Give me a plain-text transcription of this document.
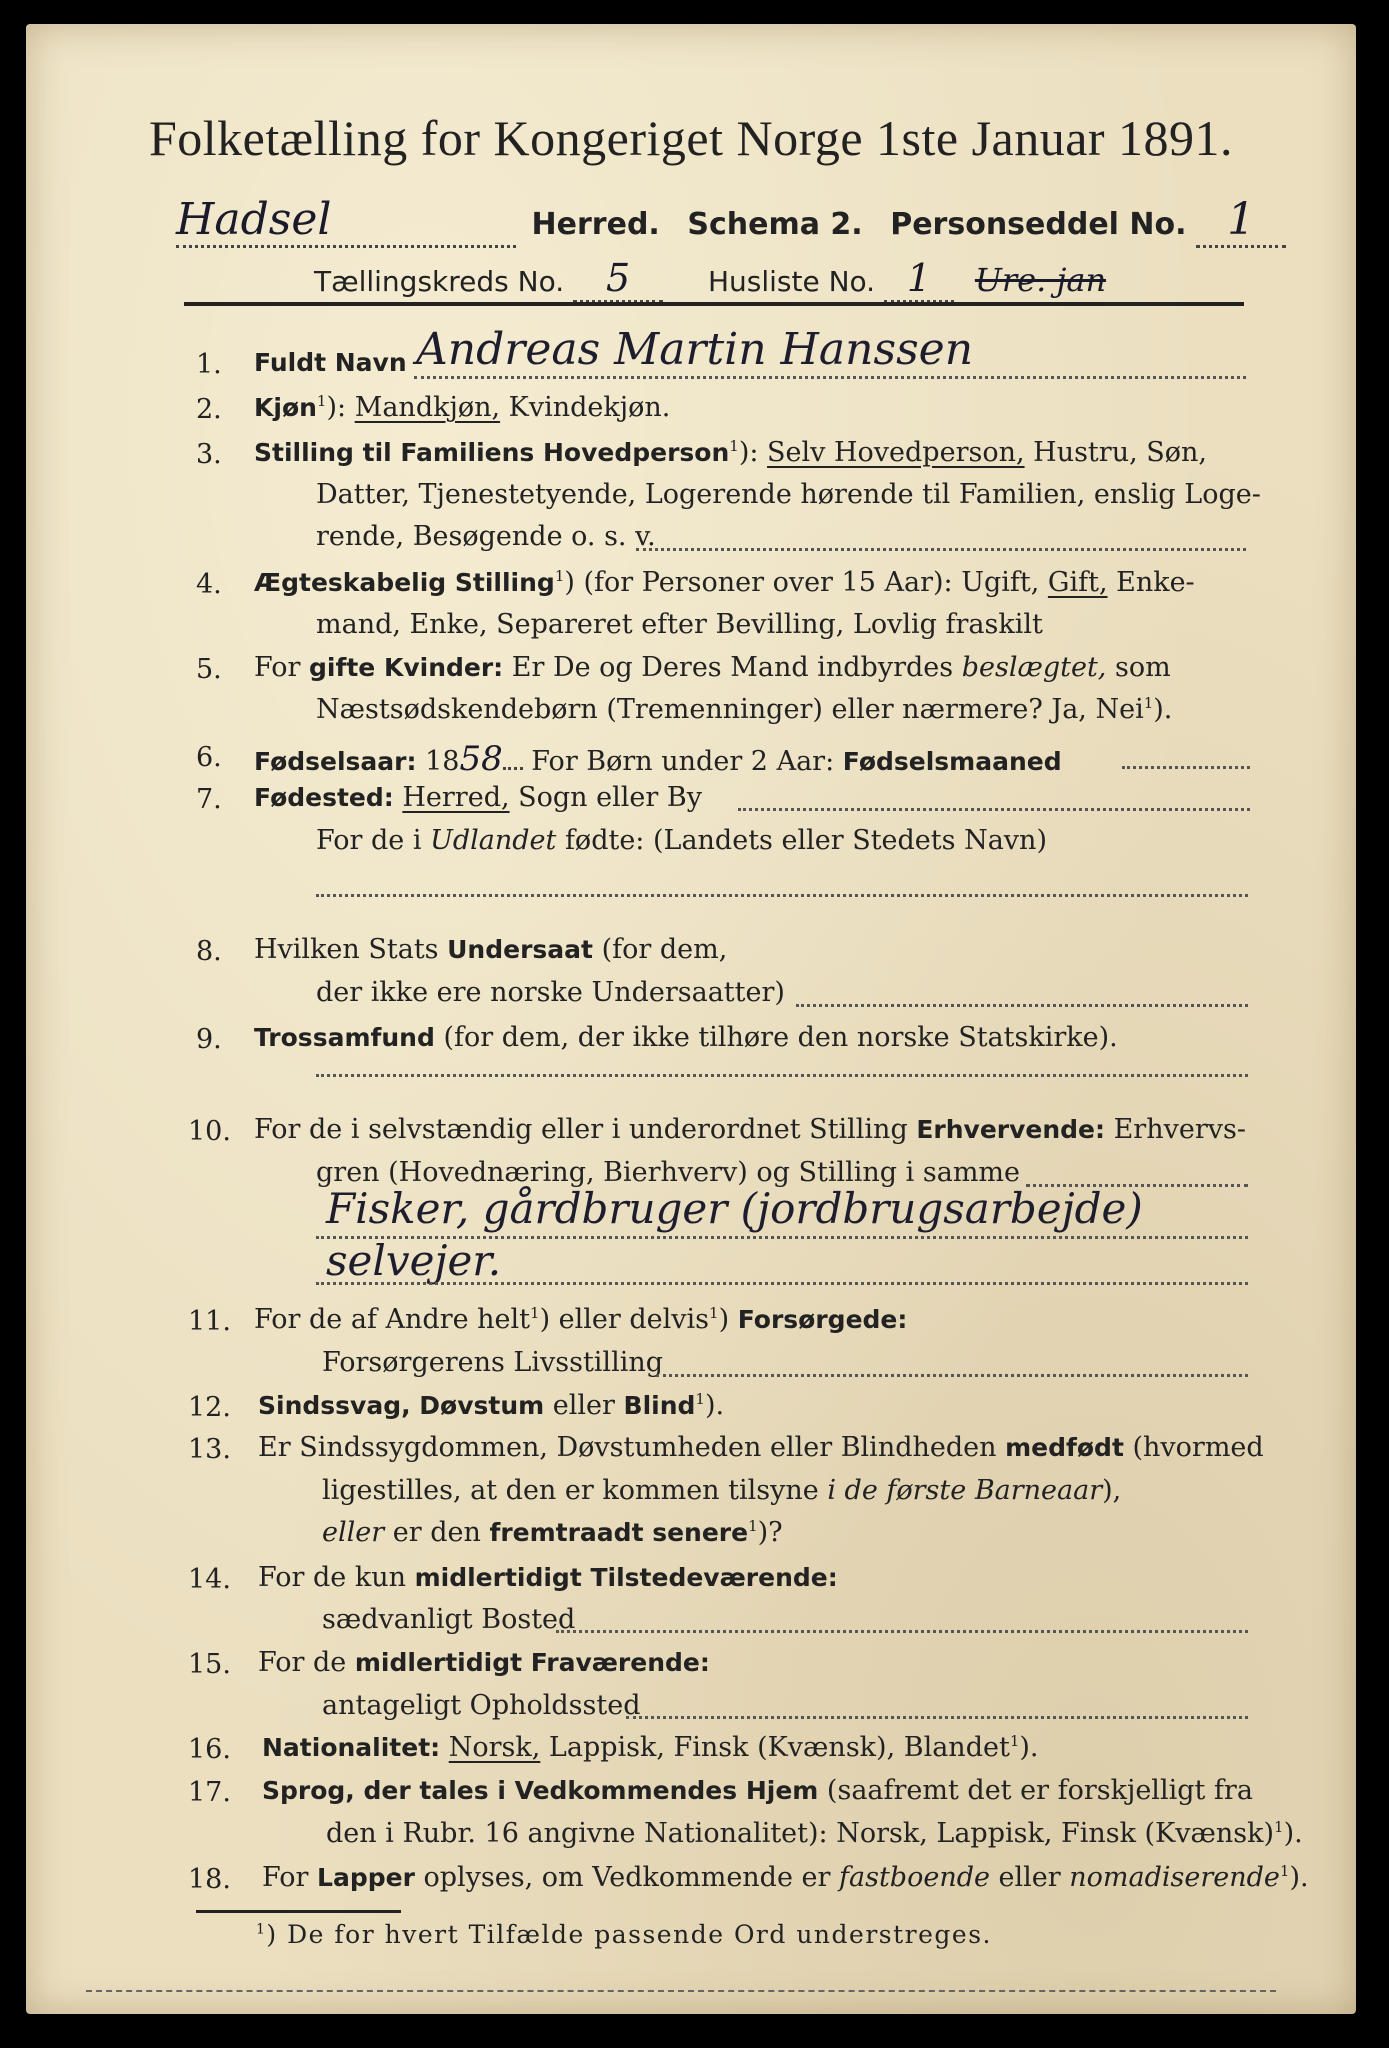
Folketælling for Kongeriget Norge 1ste Januar 1891.
Hadsel	Herred. Schema 2. Personseddel No. 1
Tællingskreds No. 5	Husliste No. 1 Ure. jan
1. Fuldt Navn Andreas Martin Hanssen
2. Kjøn$^1$): Mandkjøn, Kvindekjøn.
3. Stilling til Familiens Hovedperson$^1$): Selv Hovedperson, Hustru, Søn,
Datter, Tjenestetyende, Logerende hørende til Familien, enslig Loge-
rende, Besøgende o. s. v.
4. Ægteskabelig Stilling$^1$) (for Personer over 15 Aar): Ugift, Gift, Enke-
mand, Enke, Separeret efter Bevilling, Lovlig fraskilt
5. For gifte Kvinder: Er De og Deres Mand indbyrdes beslægtet, som
Næstsødskendebørn (Tremenninger) eller nærmere? Ja, Nei$^1$).
6. Fødselsaar: 1858 For Børn under 2 Aar: Fødselsmaaned
7. Fødested: Herred, Sogn eller By
For de i Udlandet fødte: (Landets eller Stedets Navn)
8. Hvilken Stats Undersaat (for dem,
der ikke ere norske Undersaatter)
9. Trossamfund (for dem, der ikke tilhøre den norske Statskirke).
10. For de i selvstændig eller i underordnet Stilling Erhvervende: Erhvervs-
gren (Hovednæring, Bierhverv) og Stilling i samme
Fisker, gårdbruger (jordbrugsarbejde)
selvejer.
11. For de af Andre helt$^1$) eller delvis$^1$) Forsørgede:
Forsørgerens Livsstilling
12. Sindssvag, Døvstum eller Blind$^1$).
13. Er Sindssygdommen, Døvstumheden eller Blindheden medfødt (hvormed
ligestilles, at den er kommen tilsyne i de første Barneaar),
eller er den fremtraadt senere$^1$)?
14. For de kun midlertidigt Tilstedeværende:
sædvanligt Bosted
15. For de midlertidigt Fraværende:
antageligt Opholdssted
16. Nationalitet: Norsk, Lappisk, Finsk (Kvænsk), Blandet$^1$).
17. Sprog, der tales i Vedkommendes Hjem (saafremt det er forskjelligt fra
den i Rubr. 16 angivne Nationalitet): Norsk, Lappisk, Finsk (Kvænsk)$^1$).
18. For Lapper oplyses, om Vedkommende er fastboende eller nomadiserende$^1$).
$^1$) De for hvert Tilfælde passende Ord understreges.
